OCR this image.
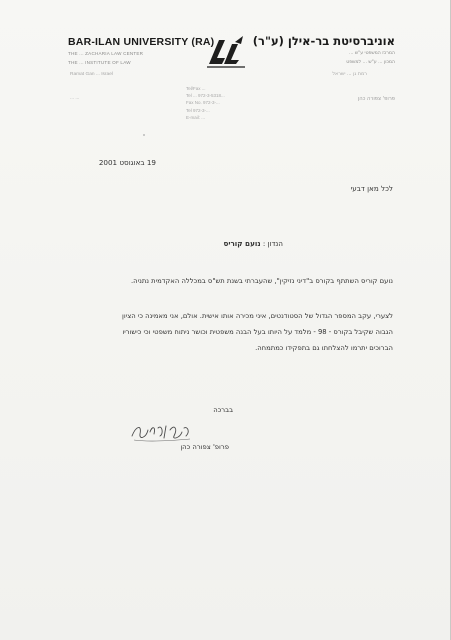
BAR-ILAN UNIVERSITY (RA)
THE ... ZACHARIA LAW CENTER
THE ... INSTITUTE OF LAW
אוניברסיטת בר-אילן (ע"ר)
המרכז המשפטי ע"ש ...
המכון ... ע"ש ... למשפט
Ramat Gan ... Israel
... ...
רמת גן ... ישראל
פרופ' צפורה כהן
Tel/Fax ...
Tel ... 972-3-5318...
Fax No. 972-3-...
Tel 972-3-...
E-mail: ...
19 באוגוסט 2001
לכל מאן דבעי
הנדון : נועם קוריס
נועם קוריס השתתף בקורס ב"דיני נזיקין", שהעברתי בשנת תש"ס במכללה האקדמית נתניה.
לצערי, עקב המספר הגדול של הסטודנטים, איני מכירה אותו אישית. אולם, אני מאמינה כי הציון
הגבוה שקיבל בקורס - 98 - מלמד על היותו בעל הבנה משפטית וכושר ניתוח משפטי וכי כישוריו
הברוכים יתרמו להצלחתו גם בתפקידו כמתמחה.
בברכה
פרופ' צפורה כהן
